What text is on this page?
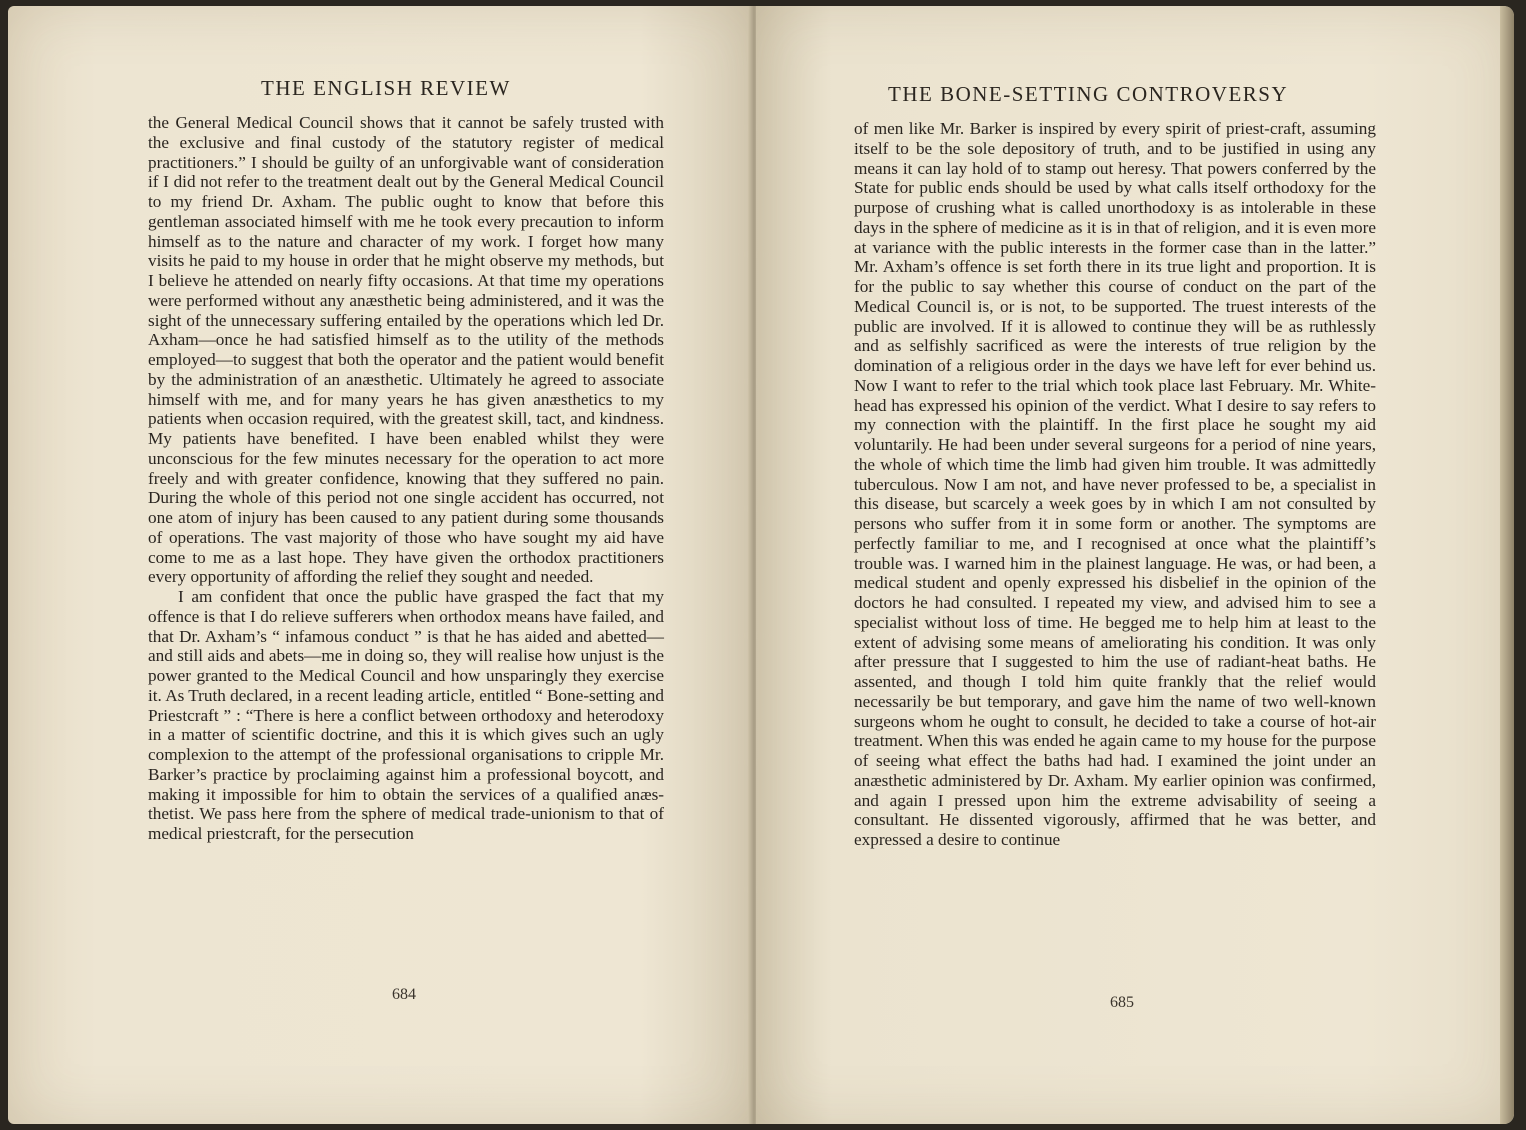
THE ENGLISH REVIEW

the General Medical Council shows that it cannot be safely trusted with the exclusive and final custody of the statutory register of medical practitioners.” I should be guilty of an unforgivable want of consideration if I did not refer to the treatment dealt out by the General Medical Council to my friend Dr. Axham. The public ought to know that before this gentleman associated himself with me he took every precaution to inform himself as to the nature and character of my work. I forget how many visits he paid to my house in order that he might observe my methods, but I believe he attended on nearly fifty occasions. At that time my operations were performed without any anæsthetic being administered, and it was the sight of the unnecessary suffering entailed by the operations which led Dr. Axham—once he had satisfied himself as to the utility of the methods employed—to suggest that both the operator and the patient would benefit by the administration of an anæsthetic. Ultimately he agreed to associate himself with me, and for many years he has given anæsthetics to my patients when occasion required, with the greatest skill, tact, and kindness. My patients have benefited. I have been enabled whilst they were unconscious for the few minutes necessary for the operation to act more freely and with greater confidence, knowing that they suffered no pain. During the whole of this period not one single accident has occurred, not one atom of injury has been caused to any patient during some thousands of operations. The vast majority of those who have sought my aid have come to me as a last hope. They have given the orthodox practitioners every opportunity of affording the relief they sought and needed.

I am confident that once the public have grasped the fact that my offence is that I do relieve sufferers when orthodox means have failed, and that Dr. Axham’s “ infamous conduct ” is that he has aided and abetted—and still aids and abets—me in doing so, they will realise how unjust is the power granted to the Medical Council and how unsparingly they exercise it. As Truth declared, in a recent leading article, entitled “ Bone-setting and Priestcraft ” : “There is here a conflict between orthodoxy and heterodoxy in a matter of scientific doctrine, and this it is which gives such an ugly complexion to the attempt of the professional organisations to cripple Mr. Barker’s practice by proclaiming against him a professional boycott, and making it impossible for him to obtain the services of a qualified anæs-thetist. We pass here from the sphere of medical trade-unionism to that of medical priestcraft, for the persecution

684
THE BONE-SETTING CONTROVERSY

of men like Mr. Barker is inspired by every spirit of priest-craft, assuming itself to be the sole depository of truth, and to be justified in using any means it can lay hold of to stamp out heresy. That powers conferred by the State for public ends should be used by what calls itself orthodoxy for the purpose of crushing what is called unorthodoxy is as intolerable in these days in the sphere of medicine as it is in that of religion, and it is even more at variance with the public interests in the former case than in the latter.” Mr. Axham’s offence is set forth there in its true light and proportion. It is for the public to say whether this course of conduct on the part of the Medical Council is, or is not, to be supported. The truest interests of the public are involved. If it is allowed to continue they will be as ruthlessly and as selfishly sacrificed as were the interests of true religion by the domination of a religious order in the days we have left for ever behind us. Now I want to refer to the trial which took place last February. Mr. White-head has expressed his opinion of the verdict. What I desire to say refers to my connection with the plaintiff. In the first place he sought my aid voluntarily. He had been under several surgeons for a period of nine years, the whole of which time the limb had given him trouble. It was admittedly tuberculous. Now I am not, and have never professed to be, a specialist in this disease, but scarcely a week goes by in which I am not consulted by persons who suffer from it in some form or another. The symptoms are perfectly familiar to me, and I recognised at once what the plaintiff’s trouble was. I warned him in the plainest language. He was, or had been, a medical student and openly expressed his disbelief in the opinion of the doctors he had consulted. I repeated my view, and advised him to see a specialist without loss of time. He begged me to help him at least to the extent of advising some means of ameliorating his condition. It was only after pressure that I suggested to him the use of radiant-heat baths. He assented, and though I told him quite frankly that the relief would necessarily be but temporary, and gave him the name of two well-known surgeons whom he ought to consult, he decided to take a course of hot-air treatment. When this was ended he again came to my house for the purpose of seeing what effect the baths had had. I examined the joint under an anæsthetic administered by Dr. Axham. My earlier opinion was confirmed, and again I pressed upon him the extreme advisability of seeing a consultant. He dissented vigorously, affirmed that he was better, and expressed a desire to continue

685
